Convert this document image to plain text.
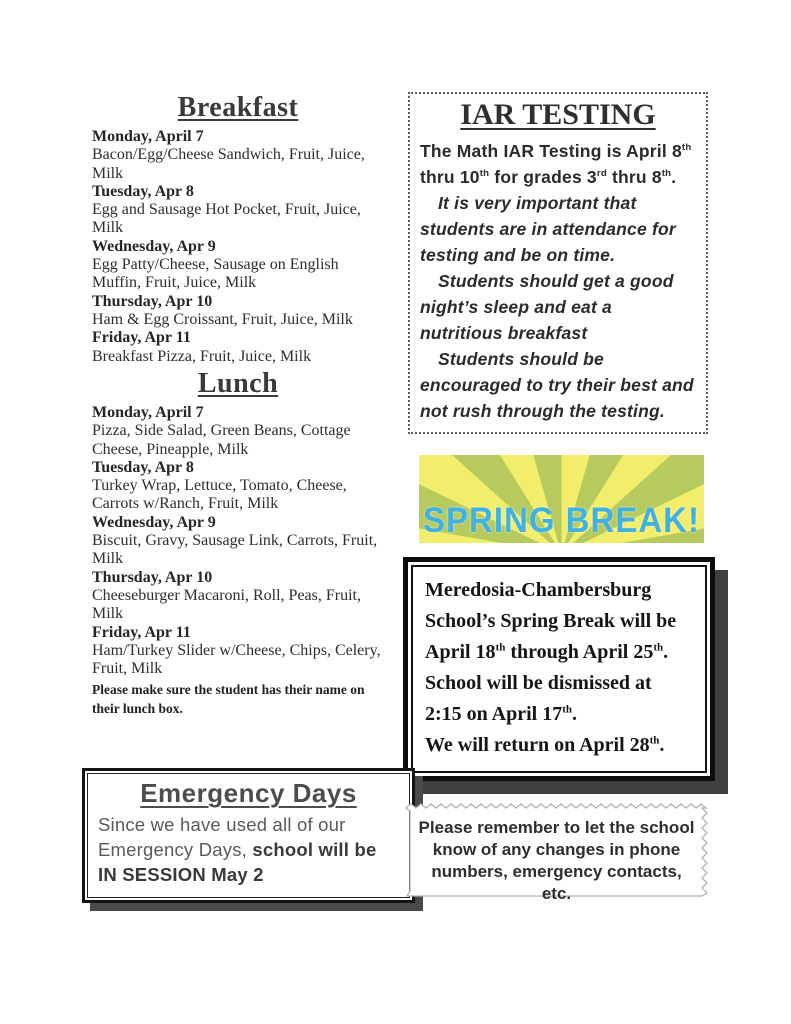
Breakfast
Monday, April 7
Bacon/Egg/Cheese Sandwich, Fruit, Juice, Milk
Tuesday, Apr 8
Egg and Sausage Hot Pocket, Fruit, Juice, Milk
Wednesday, Apr 9
Egg Patty/Cheese, Sausage on English Muffin, Fruit, Juice, Milk
Thursday, Apr 10
Ham & Egg Croissant, Fruit, Juice, Milk
Friday, Apr 11
Breakfast Pizza, Fruit, Juice, Milk
Lunch
Monday, April 7
Pizza, Side Salad, Green Beans, Cottage Cheese, Pineapple, Milk
Tuesday, Apr 8
Turkey Wrap, Lettuce, Tomato, Cheese, Carrots w/Ranch, Fruit, Milk
Wednesday, Apr 9
Biscuit, Gravy, Sausage Link, Carrots, Fruit, Milk
Thursday, Apr 10
Cheeseburger Macaroni, Roll, Peas, Fruit, Milk
Friday, Apr 11
Ham/Turkey Slider w/Cheese, Chips, Celery, Fruit, Milk

Please make sure the student has their name on their lunch box.

IAR TESTING

The Math IAR Testing is April 8th thru 10th for grades 3rd thru 8th.

It is very important that students are in attendance for testing and be on time.

Students should get a good night’s sleep and eat a nutritious breakfast

Students should be encouraged to try their best and not rush through the testing.

SPRING BREAK!

Meredosia-Chambersburg School’s Spring Break will be April 18th through April 25th.

School will be dismissed at 2:15 on April 17th.

We will return on April 28th.

Emergency Days

Since we have used all of our Emergency Days, school will be IN SESSION May 2

Please remember to let the school know of any changes in phone numbers, emergency contacts, etc.
